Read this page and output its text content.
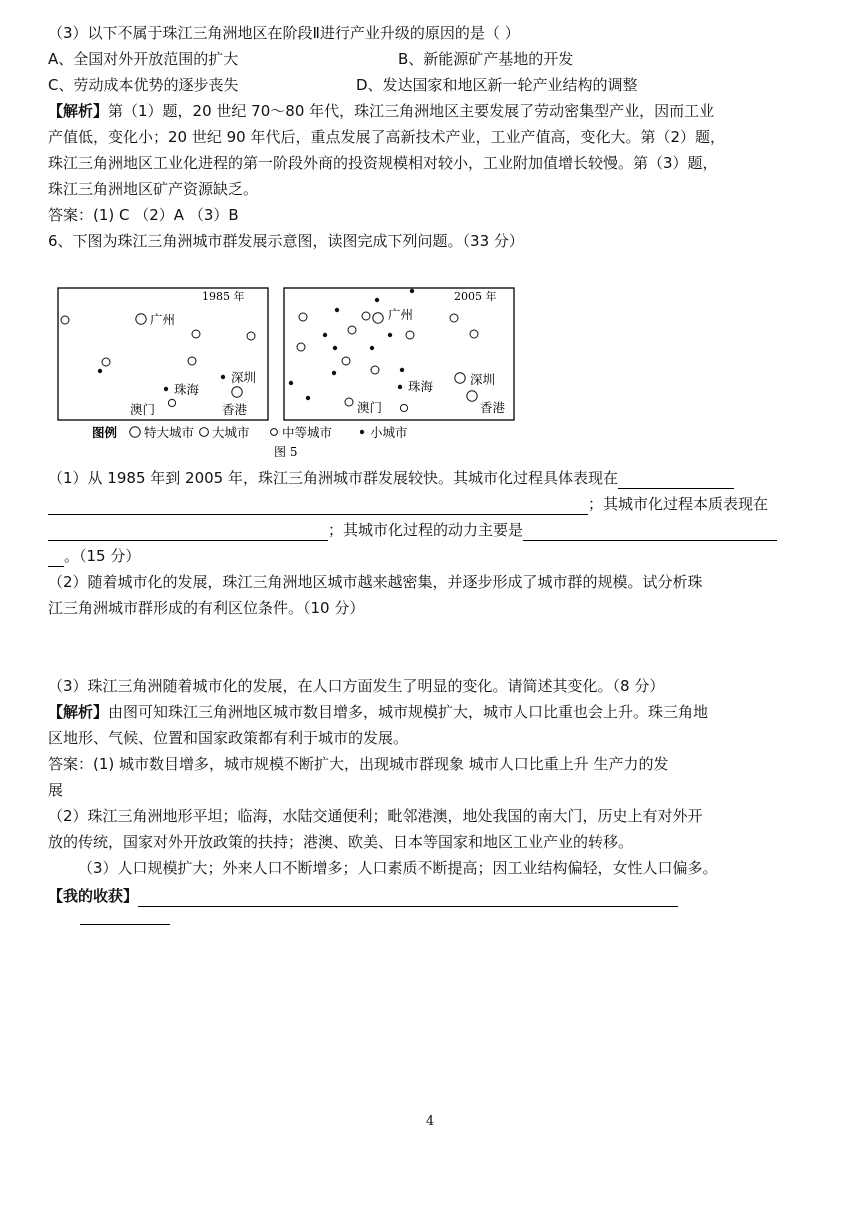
（3）以下不属于珠江三角洲地区在阶段Ⅱ进行产业升级的原因的是（ ）
A、全国对外开放范围的扩大	B、新能源矿产基地的开发
C、劳动成本优势的逐步丧失	D、发达国家和地区新一轮产业结构的调整
【解析】第（1）题，20 世纪 70～80 年代，珠江三角洲地区主要发展了劳动密集型产业，因而工业
产值低，变化小；20 世纪 90 年代后，重点发展了高新技术产业，工业产值高，变化大。第（2）题，
珠江三角洲地区工业化进程的第一阶段外商的投资规模相对较小，工业附加值增长较慢。第（3）题，
珠江三角洲地区矿产资源缺乏。
答案：(1) C （2）A （3）B
6、下图为珠江三角洲城市群发展示意图，读图完成下列问题。（33 分）
1985 年
广州
深圳
珠海
澳门	香港
2005 年
广州
珠海	深圳
澳门	香港
图例 特大城市 大城市	中等城市	小城市
图 5
（1）从 1985 年到 2005 年，珠江三角洲城市群发展较快。其城市化过程具体表现在
；其城市化过程本质表现在
；其城市化过程的动力主要是
。（15 分）
（2）随着城市化的发展，珠江三角洲地区城市越来越密集，并逐步形成了城市群的规模。试分析珠
江三角洲城市群形成的有利区位条件。（10 分）
（3）珠江三角洲随着城市化的发展，在人口方面发生了明显的变化。请简述其变化。（8 分）
【解析】由图可知珠江三角洲地区城市数目增多，城市规模扩大，城市人口比重也会上升。珠三角地
区地形、气候、位置和国家政策都有利于城市的发展。
答案：(1) 城市数目增多，城市规模不断扩大，出现城市群现象 城市人口比重上升 生产力的发
展
（2）珠江三角洲地形平坦；临海，水陆交通便利；毗邻港澳，地处我国的南大门，历史上有对外开
放的传统，国家对外开放政策的扶持；港澳、欧美、日本等国家和地区工业产业的转移。
（3）人口规模扩大；外来人口不断增多；人口素质不断提高；因工业结构偏轻，女性人口偏多。
【我的收获】
4
